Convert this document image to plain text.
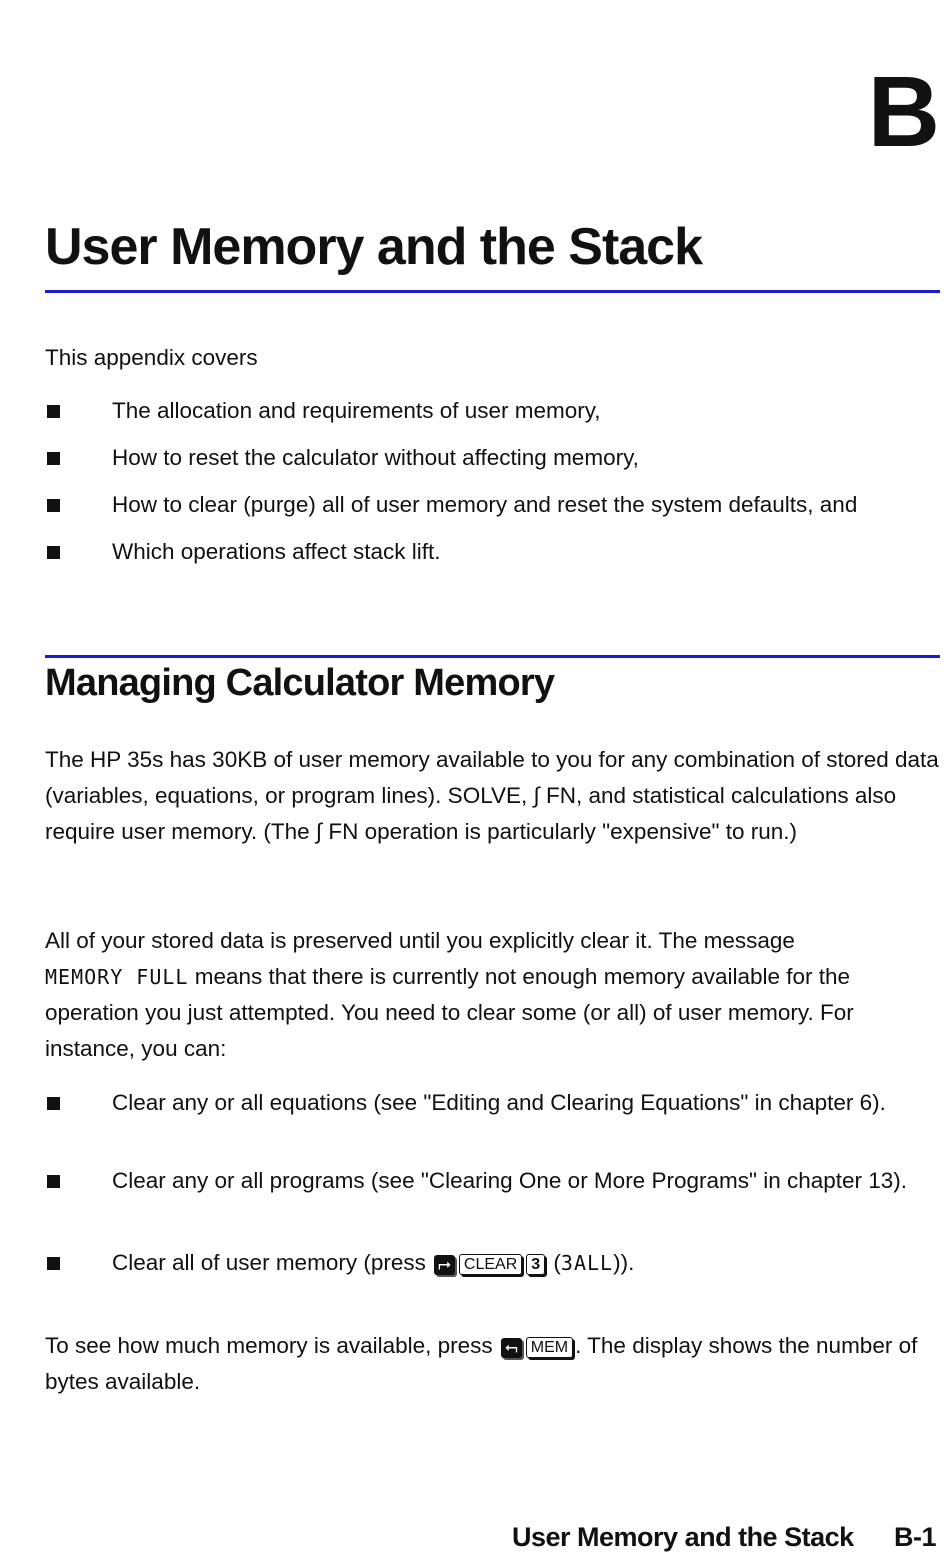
B
User Memory and the Stack
This appendix covers
The allocation and requirements of user memory,
How to reset the calculator without affecting memory,
How to clear (purge) all of user memory and reset the system defaults, and
Which operations affect stack lift.
Managing Calculator Memory
The HP 35s has 30KB of user memory available to you for any combination of stored data (variables, equations, or program lines). SOLVE, ∫ FN, and statistical calculations also require user memory. (The ∫ FN operation is particularly "expensive" to run.)
All of your stored data is preserved until you explicitly clear it. The message
MEMORY FULL means that there is currently not enough memory available for the operation you just attempted. You need to clear some (or all) of user memory. For instance, you can:
Clear any or all equations (see "Editing and Clearing Equations" in chapter 6).
Clear any or all programs (see "Clearing One or More Programs" in chapter 13).
Clear all of user memory (press ⮣ CLEAR 3 (3ALL)).
To see how much memory is available, press ⮢ MEM . The display shows the number of bytes available.
User Memory and the Stack B-1
